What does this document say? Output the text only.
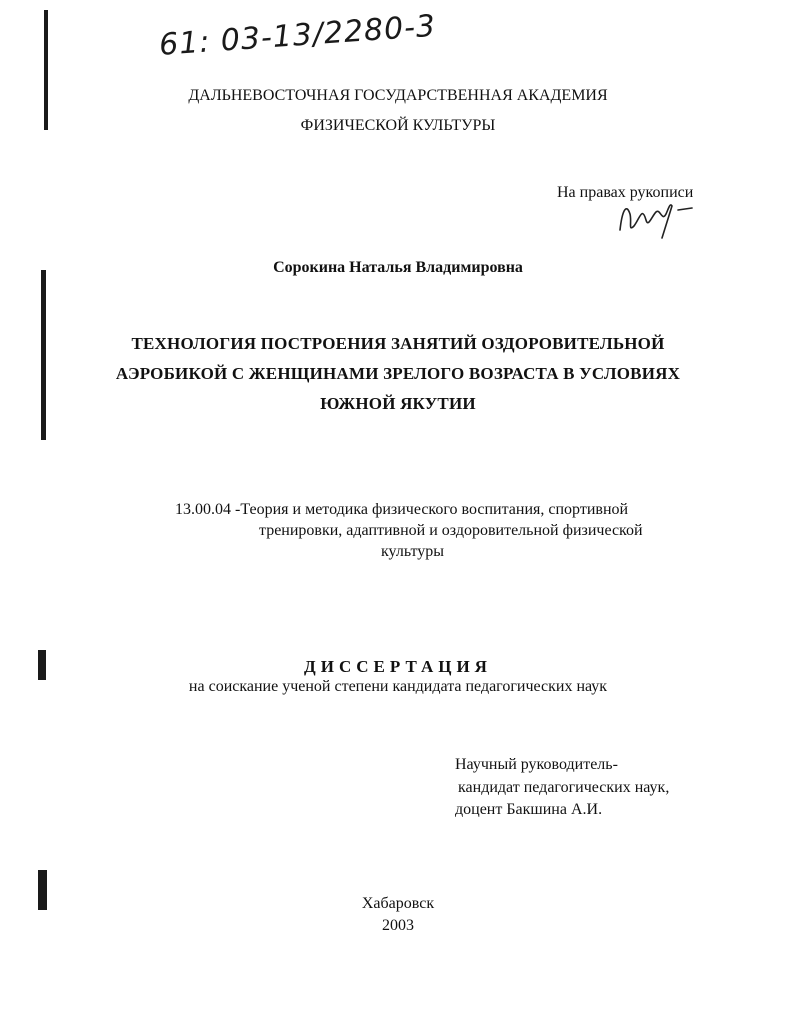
61: 03-13/2280-3
ДАЛЬНЕВОСТОЧНАЯ ГОСУДАРСТВЕННАЯ АКАДЕМИЯ
ФИЗИЧЕСКОЙ КУЛЬТУРЫ
На правах рукописи
Сорокина Наталья Владимировна
ТЕХНОЛОГИЯ ПОСТРОЕНИЯ ЗАНЯТИЙ ОЗДОРОВИТЕЛЬНОЙ
АЭРОБИКОЙ С ЖЕНЩИНАМИ ЗРЕЛОГО ВОЗРАСТА В УСЛОВИЯХ
ЮЖНОЙ ЯКУТИИ
13.00.04 -Теория и методика физического воспитания, спортивной
тренировки, адаптивной и оздоровительной физической
культуры
ДИССЕРТАЦИЯ
на соискание ученой степени кандидата педагогических наук
Научный руководитель-
кандидат педагогических наук,
доцент Бакшина А.И.
Хабаровск
2003
